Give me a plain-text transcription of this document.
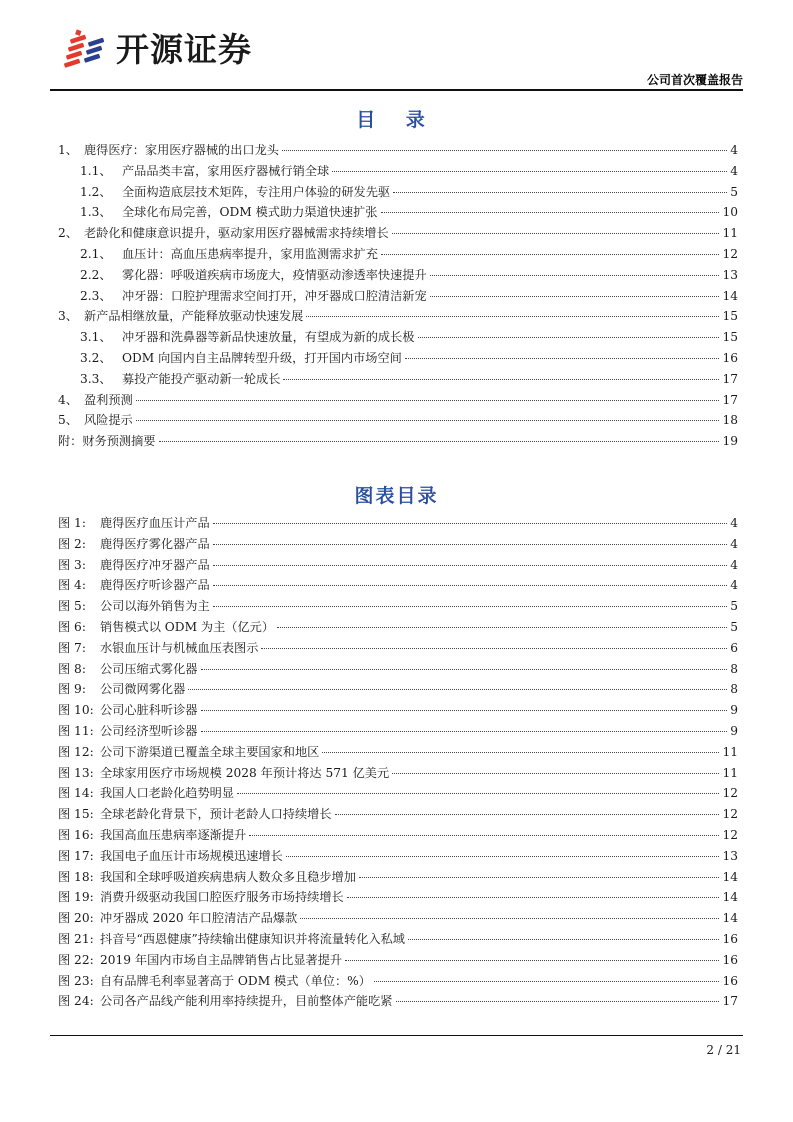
开源证券
公司首次覆盖报告
目 录
1、 鹿得医疗：家用医疗器械的出口龙头	4
1.1、 产品品类丰富，家用医疗器械行销全球	4
1.2、 全面构造底层技术矩阵，专注用户体验的研发先驱	5
1.3、 全球化布局完善，ODM 模式助力渠道快速扩张	10
2、 老龄化和健康意识提升，驱动家用医疗器械需求持续增长	11
2.1、 血压计：高血压患病率提升，家用监测需求扩充	12
2.2、 雾化器：呼吸道疾病市场庞大，疫情驱动渗透率快速提升	13
2.3、 冲牙器：口腔护理需求空间打开，冲牙器成口腔清洁新宠	14
3、 新产品相继放量，产能释放驱动快速发展	15
3.1、 冲牙器和洗鼻器等新品快速放量，有望成为新的成长极	15
3.2、 ODM 向国内自主品牌转型升级，打开国内市场空间	16
3.3、 募投产能投产驱动新一轮成长	17
4、 盈利预测	17
5、 风险提示	18
附：财务预测摘要	19
图表目录
图 1:	鹿得医疗血压计产品	4
图 2:	鹿得医疗雾化器产品	4
图 3:	鹿得医疗冲牙器产品	4
图 4:	鹿得医疗听诊器产品	4
图 5:	公司以海外销售为主	5
图 6:	销售模式以 ODM 为主（亿元）	5
图 7:	水银血压计与机械血压表图示	6
图 8:	公司压缩式雾化器	8
图 9:	公司微网雾化器	8
图 10: 公司心脏科听诊器	9
图 11: 公司经济型听诊器	9
图 12: 公司下游渠道已覆盖全球主要国家和地区	11
图 13: 全球家用医疗市场规模 2028 年预计将达 571 亿美元	11
图 14: 我国人口老龄化趋势明显	12
图 15: 全球老龄化背景下，预计老龄人口持续增长	12
图 16: 我国高血压患病率逐渐提升	12
图 17: 我国电子血压计市场规模迅速增长	13
图 18: 我国和全球呼吸道疾病患病人数众多且稳步增加	14
图 19: 消费升级驱动我国口腔医疗服务市场持续增长	14
图 20: 冲牙器成 2020 年口腔清洁产品爆款	14
图 21: 抖音号“西恩健康”持续输出健康知识并将流量转化入私域	16
图 22: 2019 年国内市场自主品牌销售占比显著提升	16
图 23: 自有品牌毛利率显著高于 ODM 模式（单位：%）	16
图 24: 公司各产品线产能利用率持续提升，目前整体产能吃紧	17
2 / 21
